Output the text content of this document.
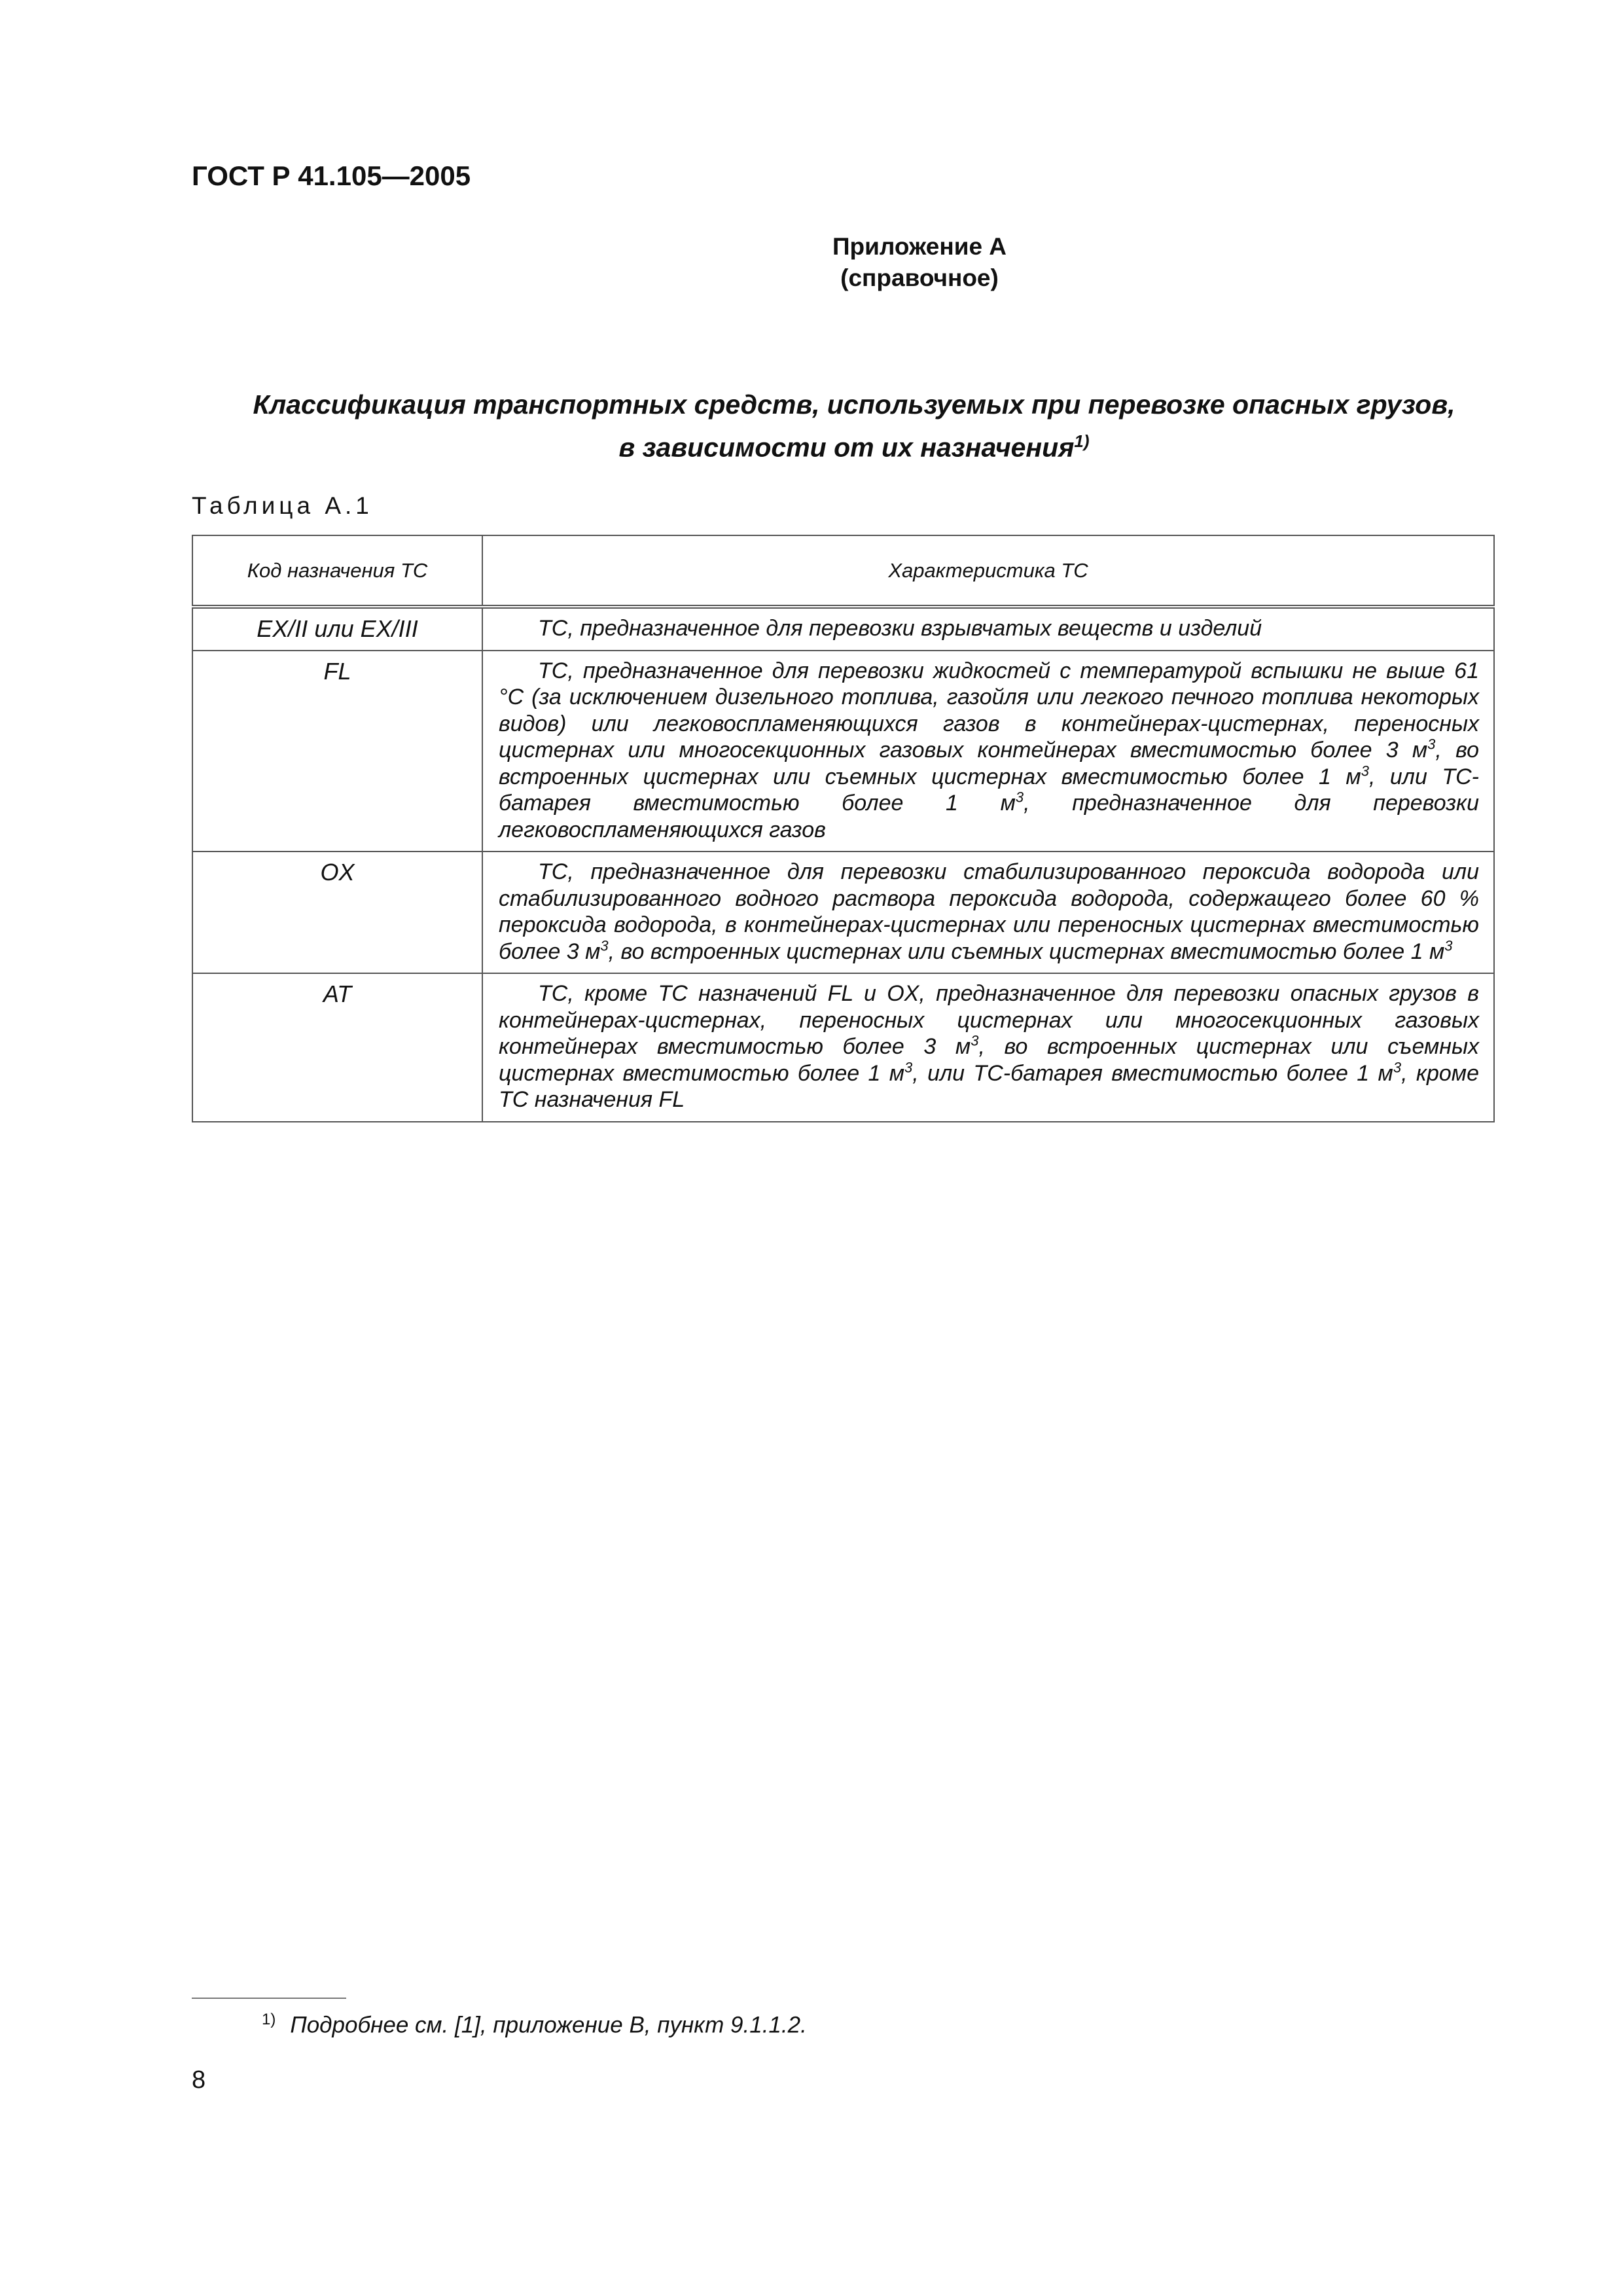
ГОСТ Р 41.105—2005
Приложение А
(справочное)
Классификация транспортных средств, используемых при перевозке опасных грузов,
в зависимости от их назначения$^{1)}$
Таблица А.1
Код назначения ТС	Характеристика ТС
EX/II или EX/III	ТС, предназначенное для перевозки взрывчатых веществ и изделий
FL	ТС, предназначенное для перевозки жидкостей с температурой вспышки не выше 61 °С (за исключением дизельного топлива, газойля или легкого печного топлива некоторых видов) или легковоспламеняющихся газов в контейнерах-цистернах, переносных цистернах или многосекционных газовых контейнерах вместимостью более 3 $м^3$, во встроенных цистернах или съемных цистернах вместимостью более 1 $м^3$, или ТС-батарея вместимостью более 1 $м^3$, предназначенное для перевозки легковоспламеняющихся газов
OX	ТС, предназначенное для перевозки стабилизированного пероксида водорода или стабилизированного водного раствора пероксида водорода, содержащего более 60 % пероксида водорода, в контейнерах-цистернах или переносных цистернах вместимостью более 3 $м^3$, во встроенных цистернах или съемных цистернах вместимостью более 1 $м^3$
AT	ТС, кроме ТС назначений FL и OX, предназначенное для перевозки опасных грузов в контейнерах-цистернах, переносных цистернах или многосекционных газовых контейнерах вместимостью более 3 $м^3$, во встроенных цистернах или съемных цистернах вместимостью более 1 $м^3$, или ТС-батарея вместимостью более 1 $м^3$, кроме ТС назначения FL
$^{1)}$ Подробнее см. [1], приложение В, пункт 9.1.1.2.
8
